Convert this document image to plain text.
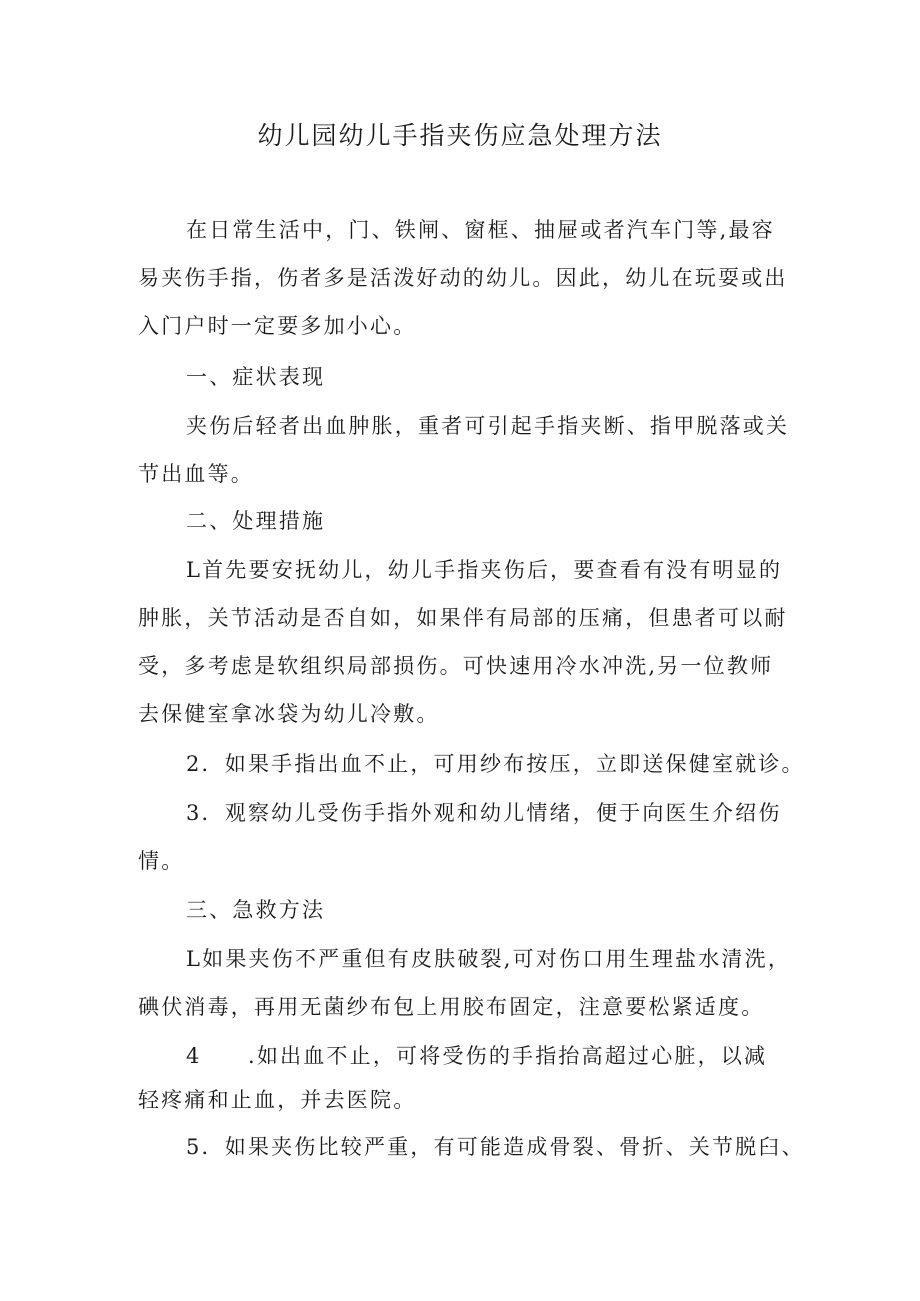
幼儿园幼儿手指夹伤应急处理方法
在日常生活中，门、铁闸、窗框、抽屉或者汽车门等,最容
易夹伤手指，伤者多是活泼好动的幼儿。因此，幼儿在玩耍或出
入门户时一定要多加小心。
一、症状表现
夹伤后轻者出血肿胀，重者可引起手指夹断、指甲脱落或关
节出血等。
二、处理措施
L首先要安抚幼儿，幼儿手指夹伤后，要查看有没有明显的
肿胀，关节活动是否自如，如果伴有局部的压痛，但患者可以耐
受，多考虑是软组织局部损伤。可快速用冷水冲洗,另一位教师
去保健室拿冰袋为幼儿冷敷。
2．如果手指出血不止，可用纱布按压，立即送保健室就诊。
3．观察幼儿受伤手指外观和幼儿情绪，便于向医生介绍伤
情。
三、急救方法
L如果夹伤不严重但有皮肤破裂,可对伤口用生理盐水清洗，
碘伏消毒，再用无菌纱布包上用胶布固定，注意要松紧适度。
4　　.如出血不止，可将受伤的手指抬高超过心脏，以减
轻疼痛和止血，并去医院。
5．如果夹伤比较严重，有可能造成骨裂、骨折、关节脱臼、
